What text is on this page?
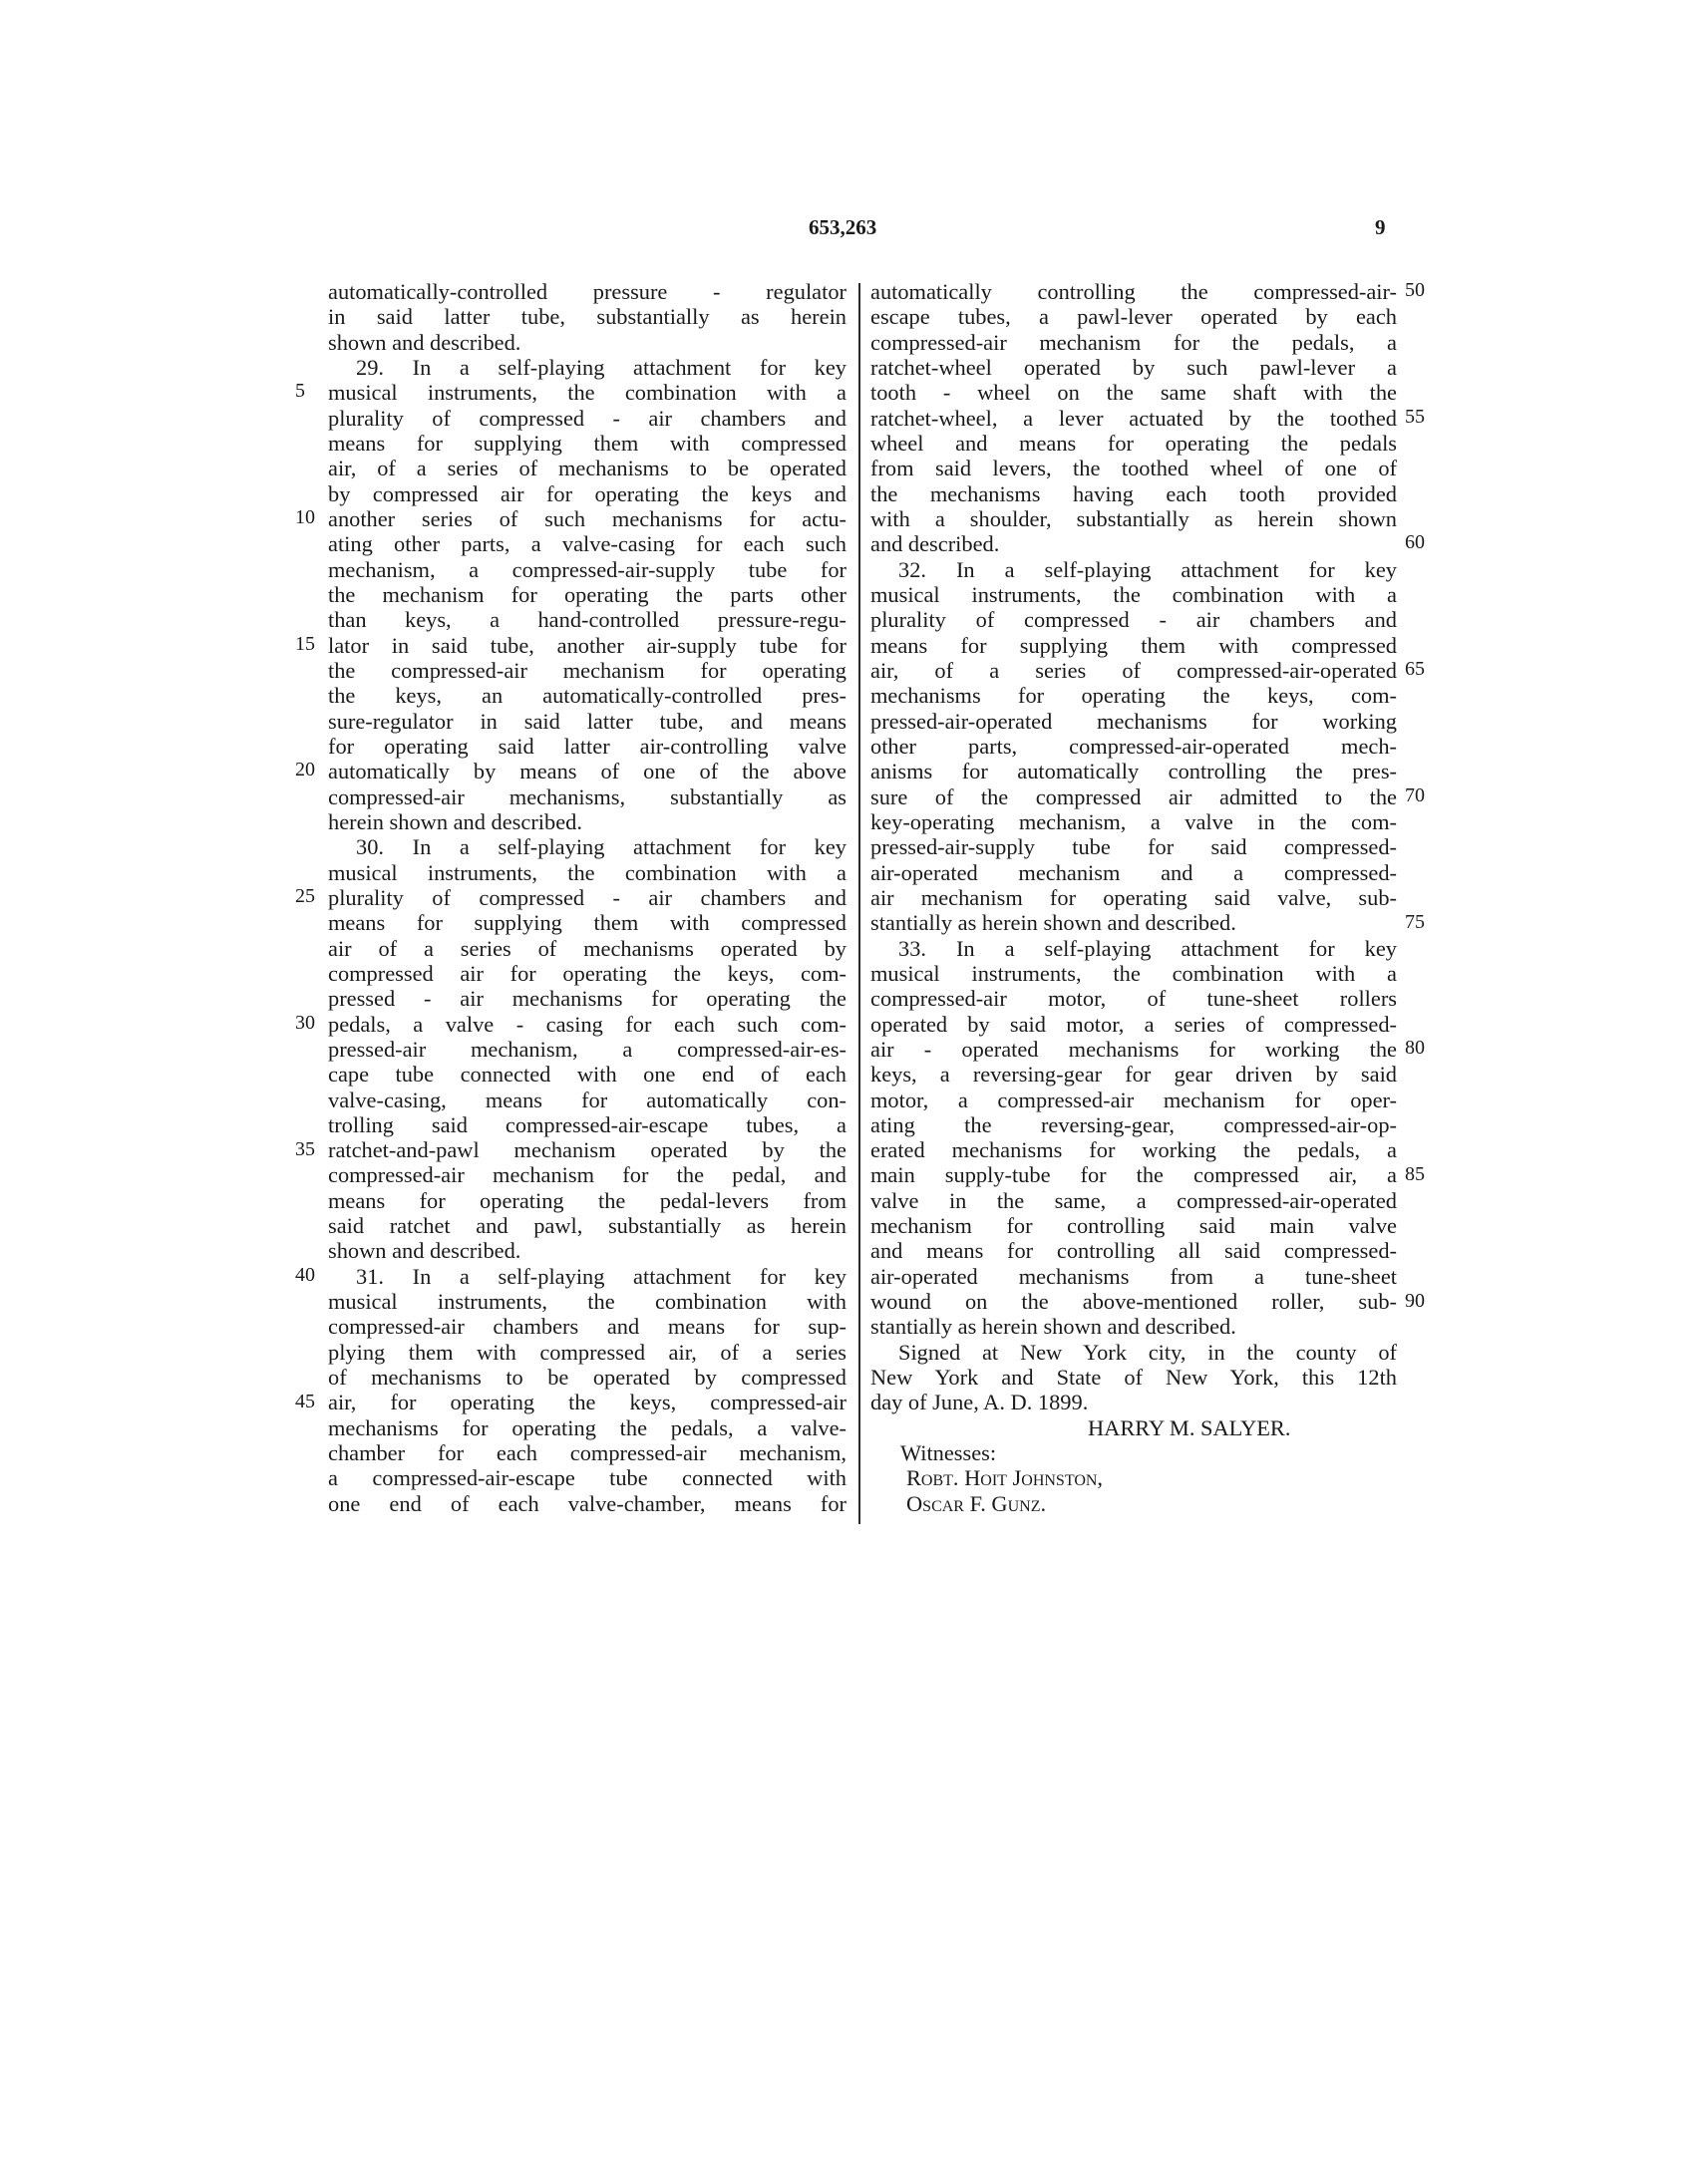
653,263	9
automatically-controlled pressure - regulator
in said latter tube, substantially as herein
shown and described.
29. In a self-playing attachment for key
musical instruments, the combination with a
plurality of compressed - air chambers and
means for supplying them with compressed
air, of a series of mechanisms to be operated
by compressed air for operating the keys and
another series of such mechanisms for actu-
ating other parts, a valve-casing for each such
mechanism, a compressed-air-supply tube for
the mechanism for operating the parts other
than keys, a hand-controlled pressure-regu-
lator in said tube, another air-supply tube for
the compressed-air mechanism for operating
the keys, an automatically-controlled pres-
sure-regulator in said latter tube, and means
for operating said latter air-controlling valve
automatically by means of one of the above
compressed-air mechanisms, substantially as
herein shown and described.
30. In a self-playing attachment for key
musical instruments, the combination with a
plurality of compressed - air chambers and
means for supplying them with compressed
air of a series of mechanisms operated by
compressed air for operating the keys, com-
pressed - air mechanisms for operating the
pedals, a valve - casing for each such com-
pressed-air mechanism, a compressed-air-es-
cape tube connected with one end of each
valve-casing, means for automatically con-
trolling said compressed-air-escape tubes, a
ratchet-and-pawl mechanism operated by the
compressed-air mechanism for the pedal, and
means for operating the pedal-levers from
said ratchet and pawl, substantially as herein
shown and described.
31. In a self-playing attachment for key
musical instruments, the combination with
compressed-air chambers and means for sup-
plying them with compressed air, of a series
of mechanisms to be operated by compressed
air, for operating the keys, compressed-air
mechanisms for operating the pedals, a valve-
chamber for each compressed-air mechanism,
a compressed-air-escape tube connected with
one end of each valve-chamber, means for
automatically controlling the compressed-air-
escape tubes, a pawl-lever operated by each
compressed-air mechanism for the pedals, a
ratchet-wheel operated by such pawl-lever a
tooth - wheel on the same shaft with the
ratchet-wheel, a lever actuated by the toothed
wheel and means for operating the pedals
from said levers, the toothed wheel of one of
the mechanisms having each tooth provided
with a shoulder, substantially as herein shown
and described.
32. In a self-playing attachment for key
musical instruments, the combination with a
plurality of compressed - air chambers and
means for supplying them with compressed
air, of a series of compressed-air-operated
mechanisms for operating the keys, com-
pressed-air-operated mechanisms for working
other parts, compressed-air-operated mech-
anisms for automatically controlling the pres-
sure of the compressed air admitted to the
key-operating mechanism, a valve in the com-
pressed-air-supply tube for said compressed-
air-operated mechanism and a compressed-
air mechanism for operating said valve, sub-
stantially as herein shown and described.
33. In a self-playing attachment for key
musical instruments, the combination with a
compressed-air motor, of tune-sheet rollers
operated by said motor, a series of compressed-
air - operated mechanisms for working the
keys, a reversing-gear for gear driven by said
motor, a compressed-air mechanism for oper-
ating the reversing-gear, compressed-air-op-
erated mechanisms for working the pedals, a
main supply-tube for the compressed air, a
valve in the same, a compressed-air-operated
mechanism for controlling said main valve
and means for controlling all said compressed-
air-operated mechanisms from a tune-sheet
wound on the above-mentioned roller, sub-
stantially as herein shown and described.
Signed at New York city, in the county of
New York and State of New York, this 12th
day of June, A. D. 1899.
HARRY M. SALYER.
Witnesses:
Robt. Hoit Johnston,
Oscar F. Gunz.
5
10
15
20
25
30
35
40
45
50
55
60
65
70
75
80
85
90
